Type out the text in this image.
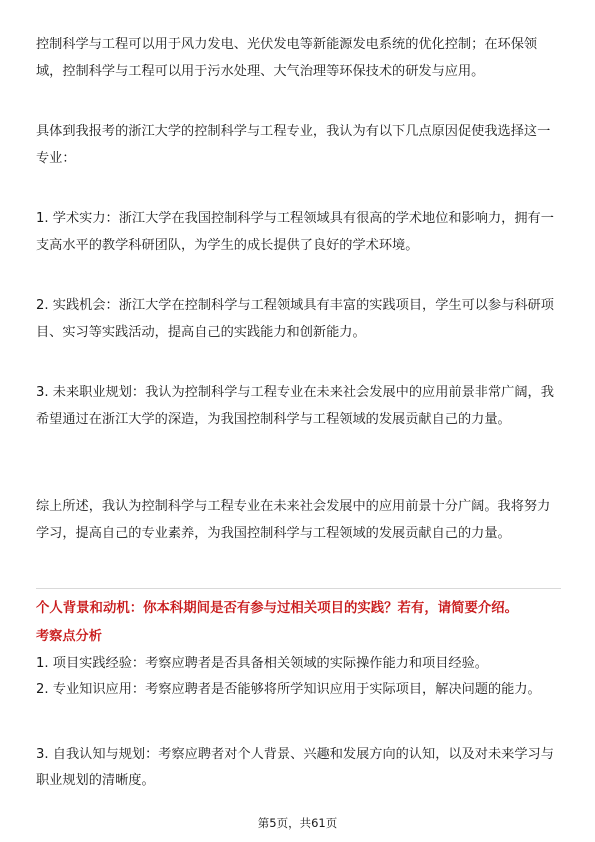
控制科学与工程可以用于风力发电、光伏发电等新能源发电系统的优化控制；在环保领域，控制科学与工程可以用于污水处理、大气治理等环保技术的研发与应用。

具体到我报考的浙江大学的控制科学与工程专业，我认为有以下几点原因促使我选择这一专业：

1. 学术实力：浙江大学在我国控制科学与工程领域具有很高的学术地位和影响力，拥有一支高水平的教学科研团队，为学生的成长提供了良好的学术环境。

2. 实践机会：浙江大学在控制科学与工程领域具有丰富的实践项目，学生可以参与科研项目、实习等实践活动，提高自己的实践能力和创新能力。

3. 未来职业规划：我认为控制科学与工程专业在未来社会发展中的应用前景非常广阔，我希望通过在浙江大学的深造，为我国控制科学与工程领域的发展贡献自己的力量。

综上所述，我认为控制科学与工程专业在未来社会发展中的应用前景十分广阔。我将努力学习，提高自己的专业素养，为我国控制科学与工程领域的发展贡献自己的力量。

个人背景和动机：你本科期间是否有参与过相关项目的实践？若有，请简要介绍。

考察点分析

1. 项目实践经验：考察应聘者是否具备相关领域的实际操作能力和项目经验。

2. 专业知识应用：考察应聘者是否能够将所学知识应用于实际项目，解决问题的能力。

3. 自我认知与规划：考察应聘者对个人背景、兴趣和发展方向的认知，以及对未来学习与职业规划的清晰度。

第5页，共61页
